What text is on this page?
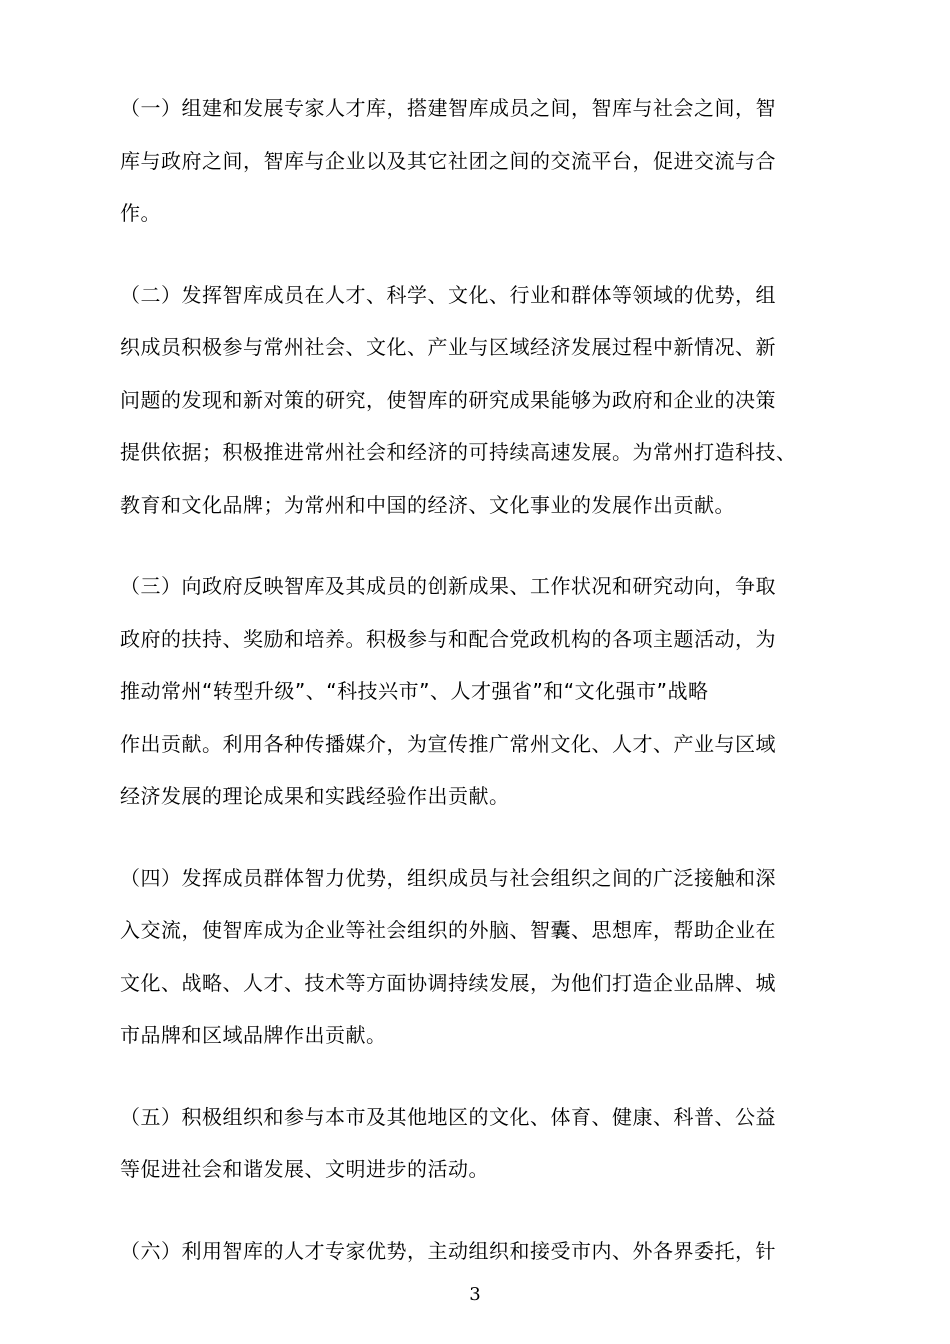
（一）组建和发展专家人才库，搭建智库成员之间，智库与社会之间，智
库与政府之间，智库与企业以及其它社团之间的交流平台，促进交流与合
作。

（二）发挥智库成员在人才、科学、文化、行业和群体等领域的优势，组
织成员积极参与常州社会、文化、产业与区域经济发展过程中新情况、新
问题的发现和新对策的研究，使智库的研究成果能够为政府和企业的决策
提供依据；积极推进常州社会和经济的可持续高速发展。为常州打造科技、
教育和文化品牌；为常州和中国的经济、文化事业的发展作出贡献。

（三）向政府反映智库及其成员的创新成果、工作状况和研究动向，争取
政府的扶持、奖励和培养。积极参与和配合党政机构的各项主题活动，为
推动常州“转型升级”、“科技兴市”、人才强省”和“文化强市”战略
作出贡献。利用各种传播媒介，为宣传推广常州文化、人才、产业与区域
经济发展的理论成果和实践经验作出贡献。

（四）发挥成员群体智力优势，组织成员与社会组织之间的广泛接触和深
入交流，使智库成为企业等社会组织的外脑、智囊、思想库，帮助企业在
文化、战略、人才、技术等方面协调持续发展，为他们打造企业品牌、城
市品牌和区域品牌作出贡献。

（五）积极组织和参与本市及其他地区的文化、体育、健康、科普、公益
等促进社会和谐发展、文明进步的活动。

（六）利用智库的人才专家优势，主动组织和接受市内、外各界委托，针

3
